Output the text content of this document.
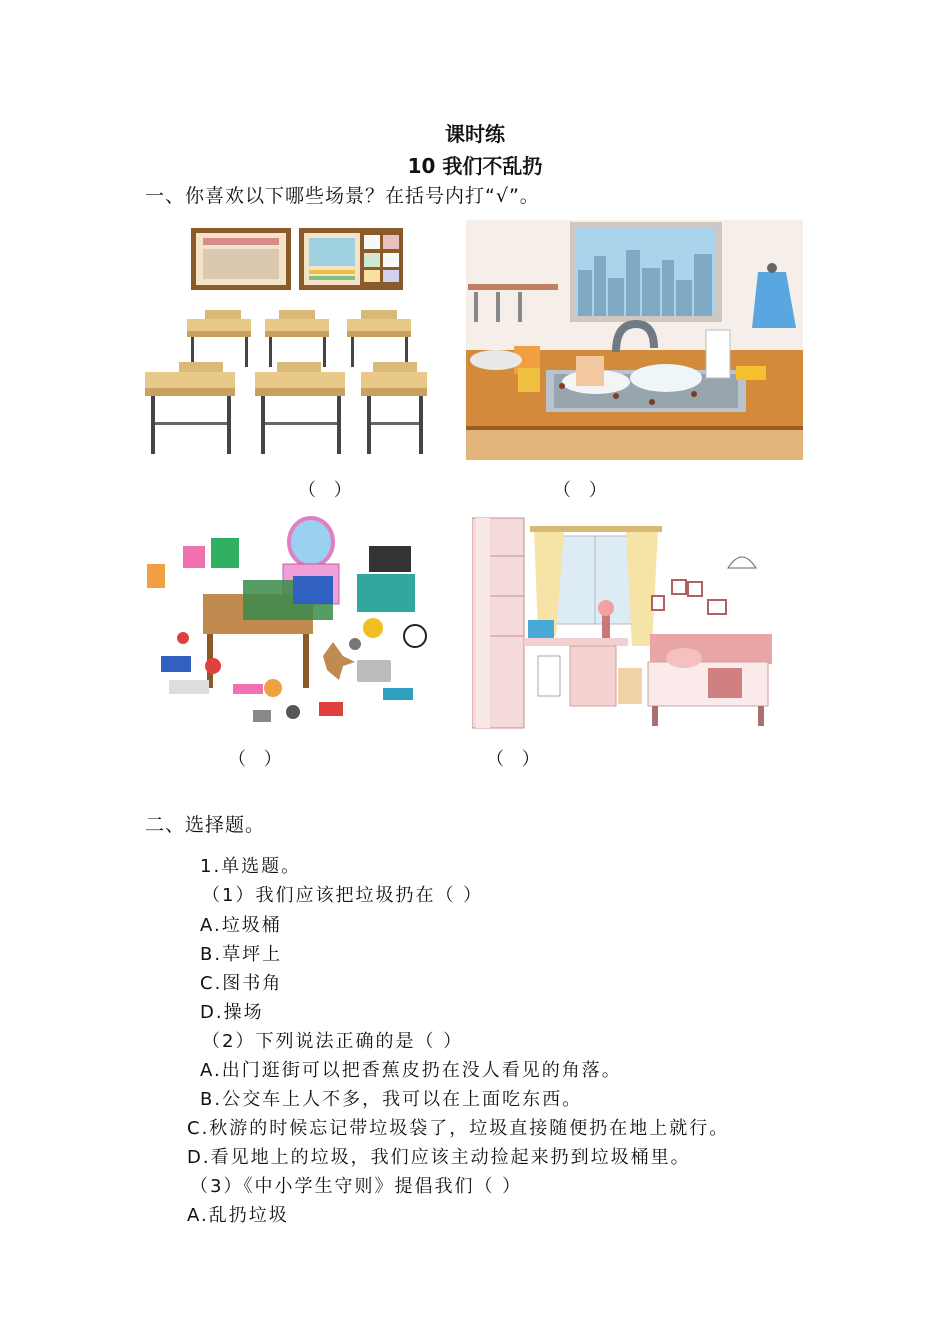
课时练
10 我们不乱扔
一、你喜欢以下哪些场景？在括号内打“√”。
（ ）	（ ）
（ ）	（ ）
二、选择题。
1.单选题。
（1）我们应该把垃圾扔在（ ）
A.垃圾桶
B.草坪上
C.图书角
D.操场
（2）下列说法正确的是（ ）
A.出门逛街可以把香蕉皮扔在没人看见的角落。
B.公交车上人不多，我可以在上面吃东西。
C.秋游的时候忘记带垃圾袋了，垃圾直接随便扔在地上就行。
D.看见地上的垃圾，我们应该主动捡起来扔到垃圾桶里。
（3）《中小学生守则》提倡我们（ ）
A.乱扔垃圾
